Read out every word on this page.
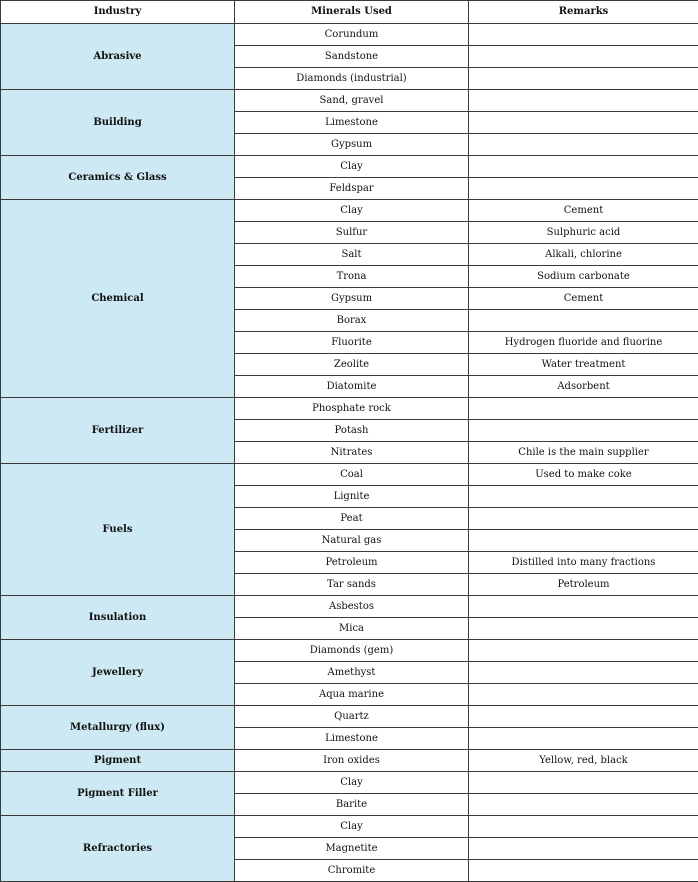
Industry	Minerals Used	Remarks
Abrasive	Corundum	
	Sandstone	
	Diamonds (industrial)	
Building	Sand, gravel	
	Limestone	
	Gypsum	
Ceramics & Glass	Clay	
	Feldspar	
Chemical	Clay	Cement
	Sulfur	Sulphuric acid
	Salt	Alkali, chlorine
	Trona	Sodium carbonate
	Gypsum	Cement
	Borax	
	Fluorite	Hydrogen fluoride and fluorine
	Zeolite	Water treatment
	Diatomite	Adsorbent
Fertilizer	Phosphate rock	
	Potash	
	Nitrates	Chile is the main supplier
Fuels	Coal	Used to make coke
	Lignite	
	Peat	
	Natural gas	
	Petroleum	Distilled into many fractions
	Tar sands	Petroleum
Insulation	Asbestos	
	Mica	
Jewellery	Diamonds (gem)	
	Amethyst	
	Aqua marine	
Metallurgy (flux)	Quartz	
	Limestone	
Pigment	Iron oxides	Yellow, red, black
Pigment Filler	Clay	
	Barite	
Refractories	Clay	
	Magnetite	
	Chromite	
